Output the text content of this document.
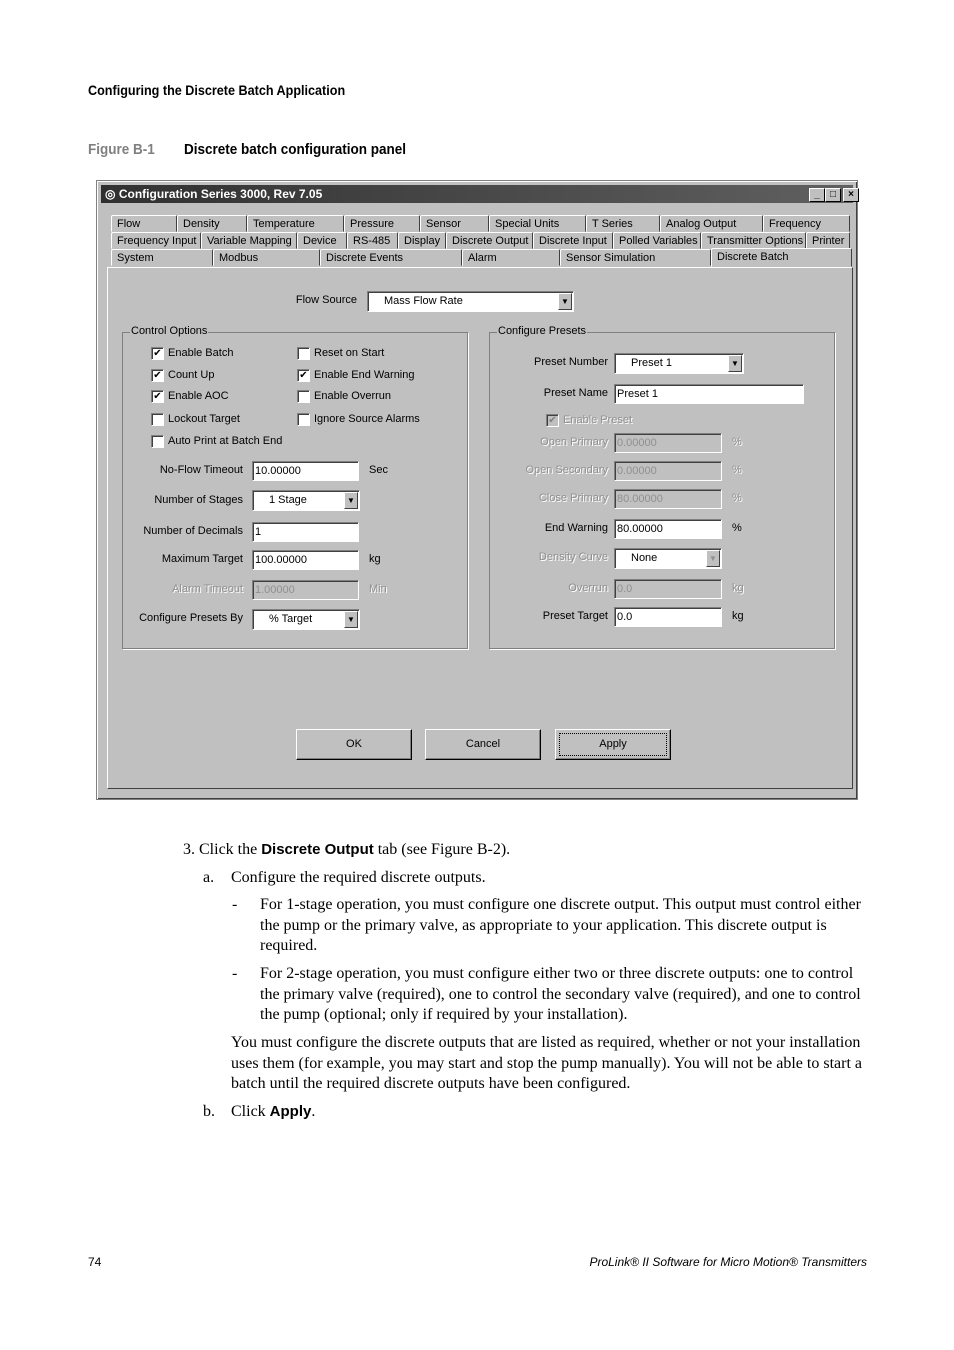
Configuring the Discrete Batch Application
Figure B-1 Discrete batch configuration panel
◎ Configuration Series 3000, Rev 7.05	_	□	×
Flow	Density	Temperature	Pressure	Sensor	Special Units	T Series	Analog Output	Frequency
Frequency Input Variable Mapping	Device	RS-485	Display	Discrete Output Discrete Input	Polled Variables Transmitter Options Printer
System	Modbus	Discrete Events	Alarm	Sensor Simulation	Discrete Batch
Flow Source	Mass Flow Rate	▼
Control Options
✔ Enable Batch
✔ Count Up
✔ Enable AOC
Lockout Target
Auto Print at Batch End
Reset on Start
✔ Enable End Warning
Enable Overrun
Ignore Source Alarms
No-Flow Timeout 10.00000	Sec
Number of Stages	1 Stage	▼
Number of Decimals 1
Maximum Target 100.00000	kg
Alarm Timeout 1.00000	Min
Configure Presets By	% Target	▼
Configure Presets
Preset Number	Preset 1	▼
Preset Name Preset 1
Open Primary 0.00000	%
Open Secondary 0.00000	%
Close Primary 80.00000	%
End Warning 80.00000	%
Density Curve	None	▼
Overrun 0.0	kg
Preset Target 0.0	kg
✔ Enable Preset
OK	Cancel	Apply
3. Click the Discrete Output tab (see Figure B-2).
a. Configure the required discrete outputs.
- For 1-stage operation, you must configure one discrete output. This output must control either the pump or the primary valve, as appropriate to your application. This discrete output is required.
- For 2-stage operation, you must configure either two or three discrete outputs: one to control the primary valve (required), one to control the secondary valve (required), and one to control the pump (optional; only if required by your installation).
You must configure the discrete outputs that are listed as required, whether or not your installation uses them (for example, you may start and stop the pump manually). You will not be able to start a batch until the required discrete outputs have been configured.
b. Click Apply.
74	ProLink® II Software for Micro Motion® Transmitters
